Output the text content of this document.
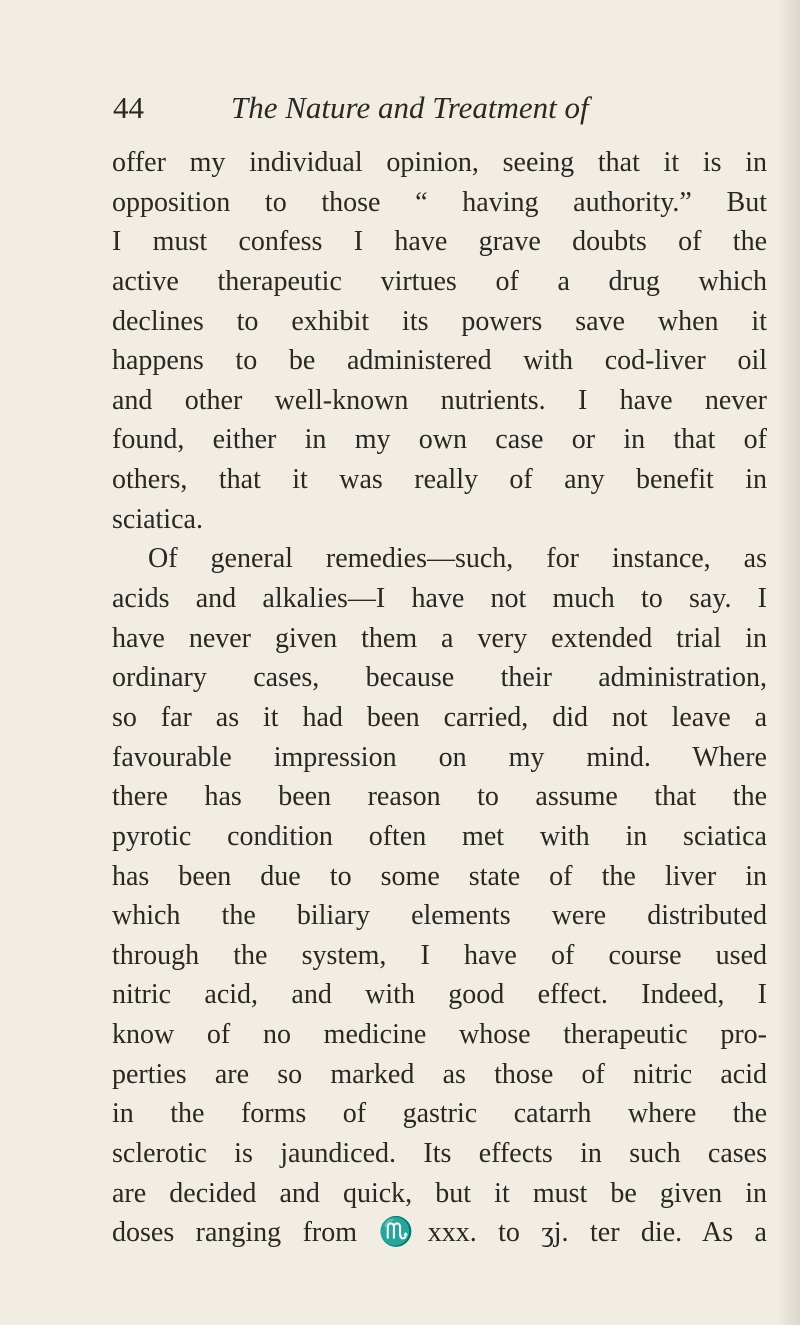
44	The Nature and Treatment of
offer my individual opinion, seeing that it is in
opposition to those “ having authority.” But
I must confess I have grave doubts of the
active therapeutic virtues of a drug which
declines to exhibit its powers save when it
happens to be administered with cod-liver oil
and other well-known nutrients. I have never
found, either in my own case or in that of
others, that it was really of any benefit in
sciatica.
Of general remedies—such, for instance, as
acids and alkalies—I have not much to say. I
have never given them a very extended trial in
ordinary cases, because their administration,
so far as it had been carried, did not leave a
favourable impression on my mind. Where
there has been reason to assume that the
pyrotic condition often met with in sciatica
has been due to some state of the liver in
which the biliary elements were distributed
through the system, I have of course used
nitric acid, and with good effect. Indeed, I
know of no medicine whose therapeutic pro-
perties are so marked as those of nitric acid
in the forms of gastric catarrh where the
sclerotic is jaundiced. Its effects in such cases
are decided and quick, but it must be given in
doses ranging from ♏xxx. to ʒj. ter die. As a
